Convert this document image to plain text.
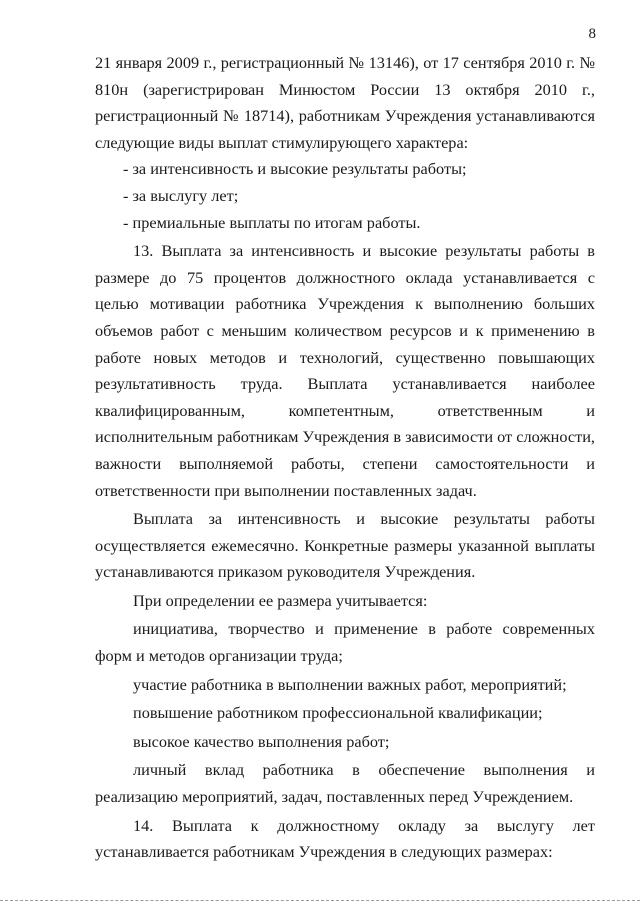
8

21 января 2009 г., регистрационный № 13146), от 17 сентября 2010 г. № 810н (зарегистрирован Минюстом России 13 октября 2010 г., регистрационный № 18714), работникам Учреждения устанавливаются следующие виды выплат стимулирующего характера:

- за интенсивность и высокие результаты работы;

- за выслугу лет;

- премиальные выплаты по итогам работы.

13. Выплата за интенсивность и высокие результаты работы в размере до 75 процентов должностного оклада устанавливается с целью мотивации работника Учреждения к выполнению больших объемов работ с меньшим количеством ресурсов и к применению в работе новых методов и технологий, существенно повышающих результативность труда. Выплата устанавливается наиболее квалифицированным, компетентным, ответственным и исполнительным работникам Учреждения в зависимости от сложности, важности выполняемой работы, степени самостоятельности и ответственности при выполнении поставленных задач.

Выплата за интенсивность и высокие результаты работы осуществляется ежемесячно. Конкретные размеры указанной выплаты устанавливаются приказом руководителя Учреждения.

При определении ее размера учитывается:

инициатива, творчество и применение в работе современных форм и методов организации труда;

участие работника в выполнении важных работ, мероприятий;

повышение работником профессиональной квалификации;

высокое качество выполнения работ;

личный вклад работника в обеспечение выполнения и реализацию мероприятий, задач, поставленных перед Учреждением.

14. Выплата к должностному окладу за выслугу лет устанавливается работникам Учреждения в следующих размерах:
